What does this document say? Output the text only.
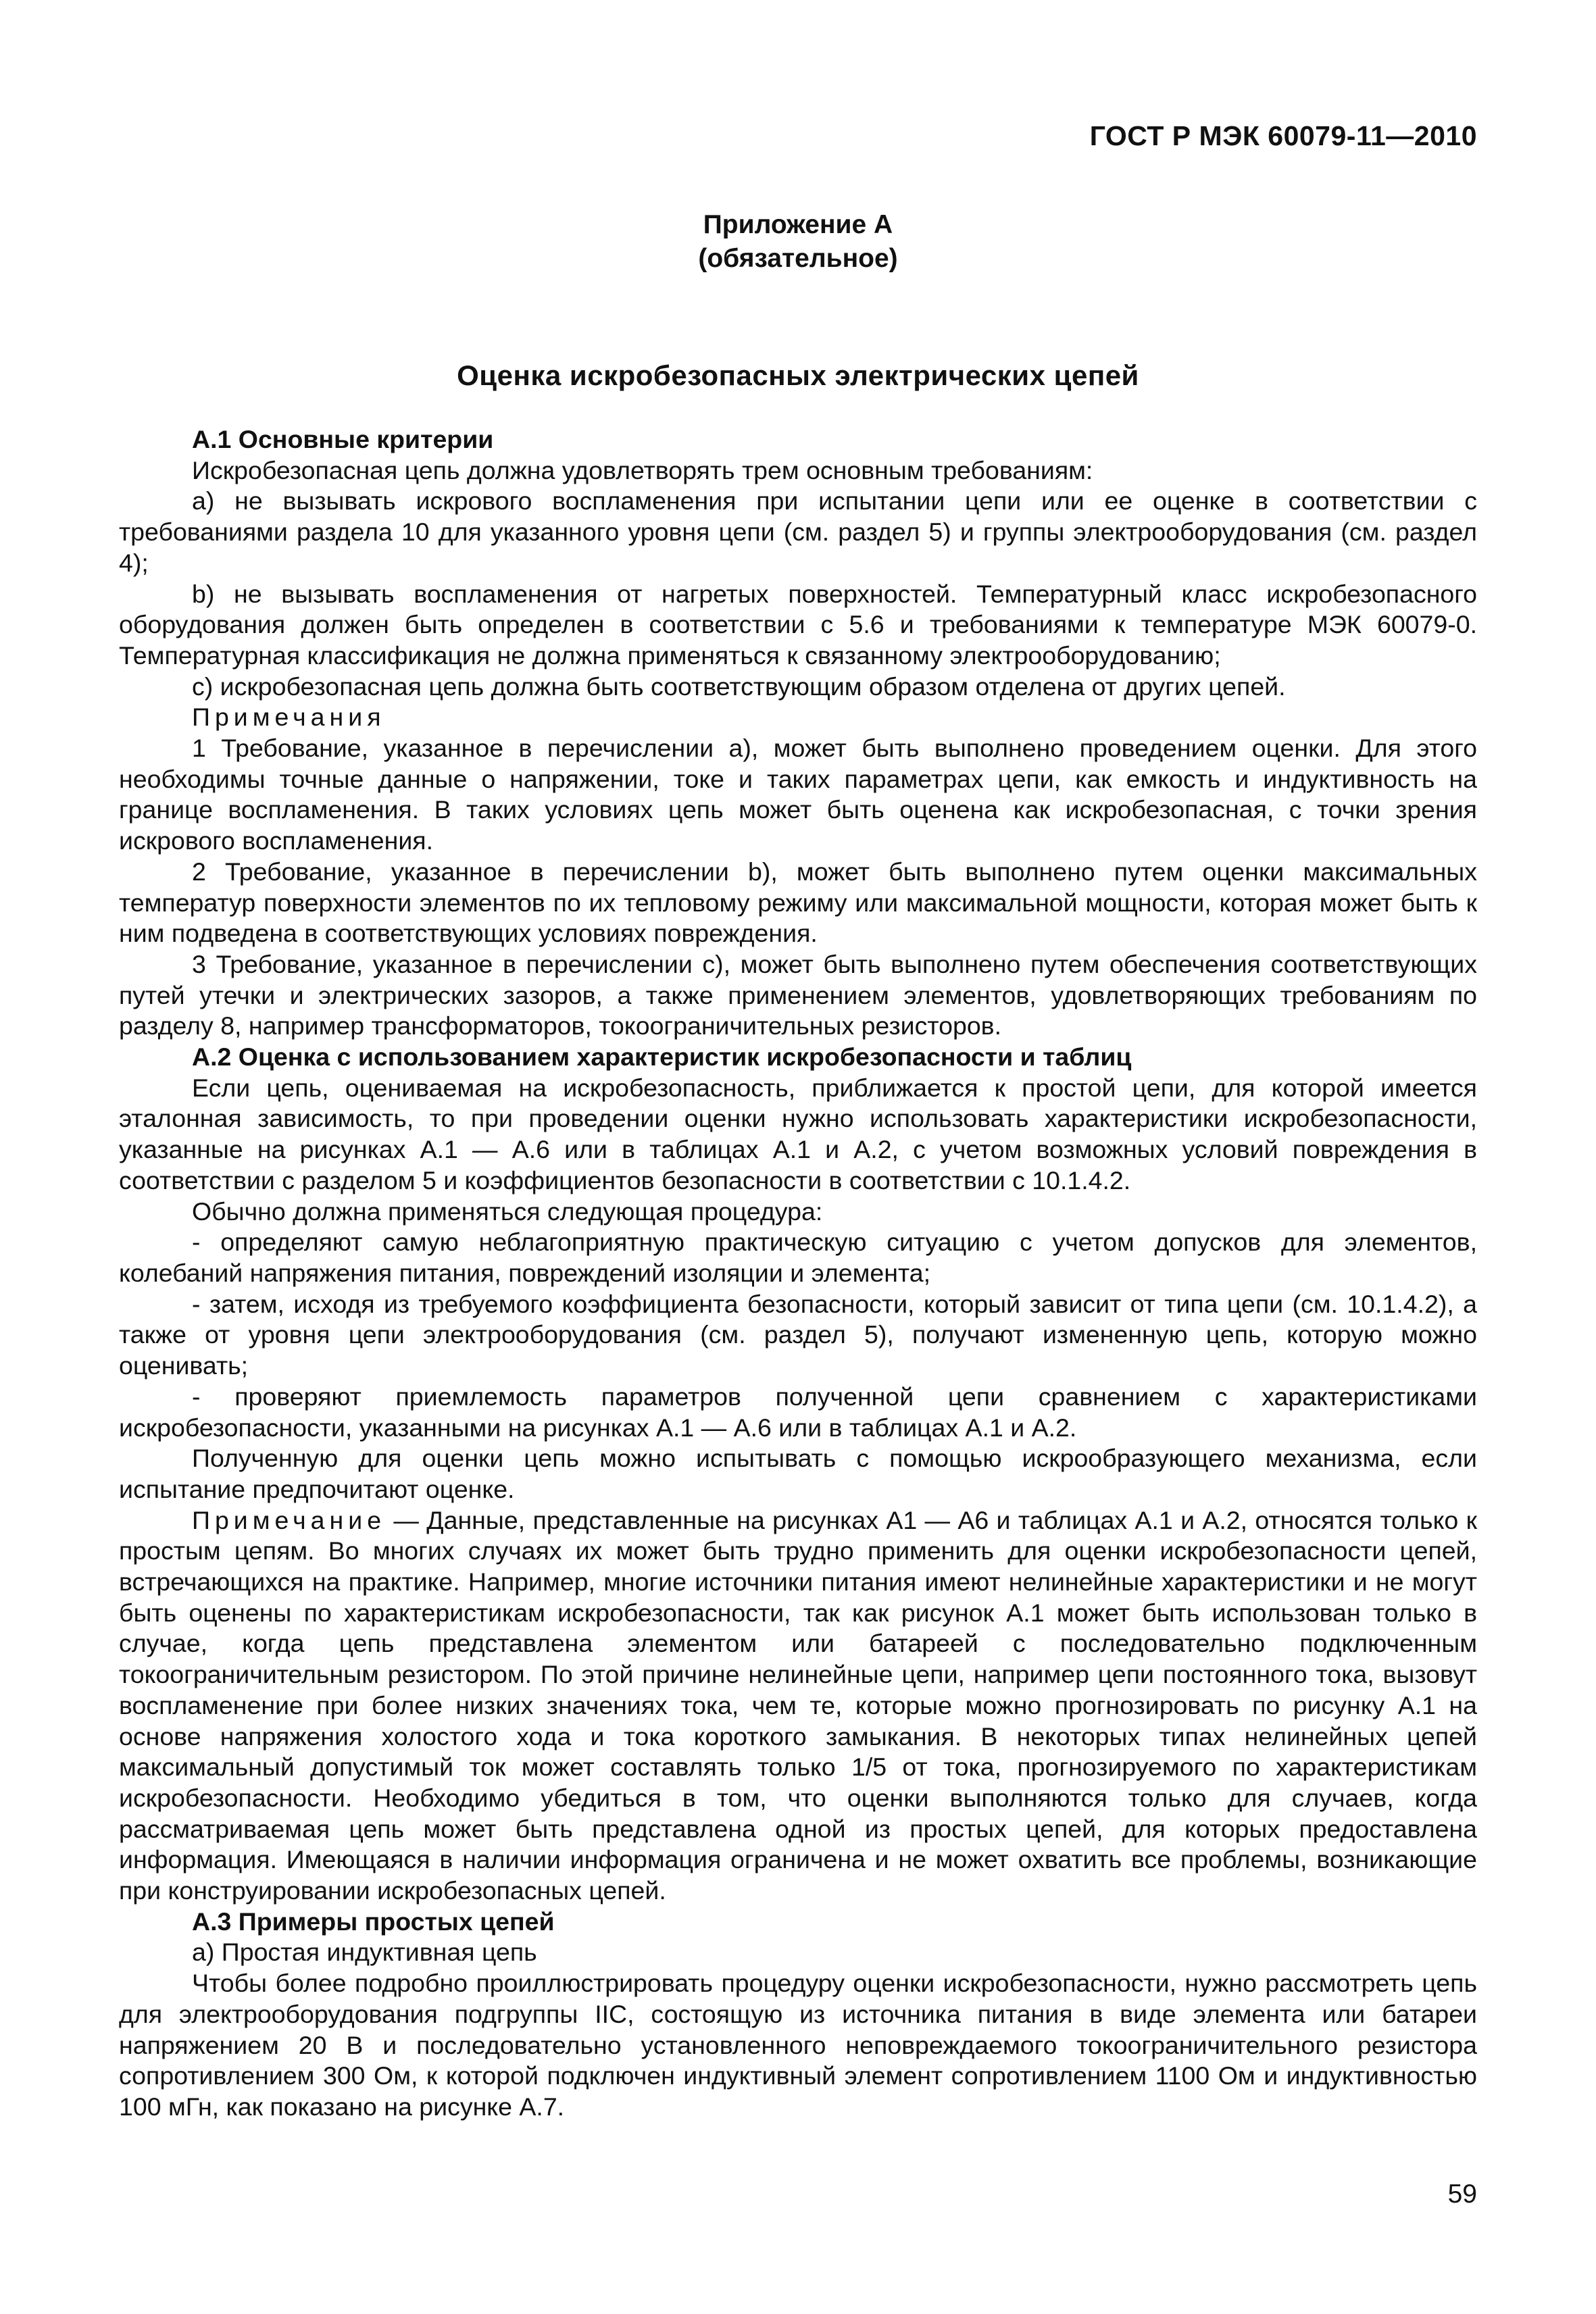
ГОСТ Р МЭК 60079-11—2010
Приложение А
(обязательное)
Оценка искробезопасных электрических цепей

А.1 Основные критерии

Искробезопасная цепь должна удовлетворять трем основным требованиям:

а) не вызывать искрового воспламенения при испытании цепи или ее оценке в соответствии с требованиями раздела 10 для указанного уровня цепи (см. раздел 5) и группы электрооборудования (см. раздел 4);

b) не вызывать воспламенения от нагретых поверхностей. Температурный класс искробезопасного оборудования должен быть определен в соответствии с 5.6 и требованиями к температуре МЭК 60079-0. Температурная классификация не должна применяться к связанному электрооборудованию;

с) искробезопасная цепь должна быть соответствующим образом отделена от других цепей.

Примечания

1 Требование, указанное в перечислении а), может быть выполнено проведением оценки. Для этого необходимы точные данные о напряжении, токе и таких параметрах цепи, как емкость и индуктивность на границе воспламенения. В таких условиях цепь может быть оценена как искробезопасная, с точки зрения искрового воспламенения.

2 Требование, указанное в перечислении b), может быть выполнено путем оценки максимальных температур поверхности элементов по их тепловому режиму или максимальной мощности, которая может быть к ним подведена в соответствующих условиях повреждения.

3 Требование, указанное в перечислении с), может быть выполнено путем обеспечения соответствующих путей утечки и электрических зазоров, а также применением элементов, удовлетворяющих требованиям по разделу 8, например трансформаторов, токоограничительных резисторов.

А.2 Оценка с использованием характеристик искробезопасности и таблиц

Если цепь, оцениваемая на искробезопасность, приближается к простой цепи, для которой имеется эталонная зависимость, то при проведении оценки нужно использовать характеристики искробезопасности, указанные на рисунках А.1 — А.6 или в таблицах А.1 и А.2, с учетом возможных условий повреждения в соответствии с разделом 5 и коэффициентов безопасности в соответствии с 10.1.4.2.

Обычно должна применяться следующая процедура:

- определяют самую неблагоприятную практическую ситуацию с учетом допусков для элементов, колебаний напряжения питания, повреждений изоляции и элемента;

- затем, исходя из требуемого коэффициента безопасности, который зависит от типа цепи (см. 10.1.4.2), а также от уровня цепи электрооборудования (см. раздел 5), получают измененную цепь, которую можно оценивать;

- проверяют приемлемость параметров полученной цепи сравнением с характеристиками искробезопасности, указанными на рисунках А.1 — А.6 или в таблицах А.1 и А.2.

Полученную для оценки цепь можно испытывать с помощью искрообразующего механизма, если испытание предпочитают оценке.

Примечание — Данные, представленные на рисунках А1 — А6 и таблицах А.1 и А.2, относятся только к простым цепям. Во многих случаях их может быть трудно применить для оценки искробезопасности цепей, встречающихся на практике. Например, многие источники питания имеют нелинейные характеристики и не могут быть оценены по характеристикам искробезопасности, так как рисунок А.1 может быть использован только в случае, когда цепь представлена элементом или батареей с последовательно подключенным токоограничительным резистором. По этой причине нелинейные цепи, например цепи постоянного тока, вызовут воспламенение при более низких значениях тока, чем те, которые можно прогнозировать по рисунку А.1 на основе напряжения холостого хода и тока короткого замыкания. В некоторых типах нелинейных цепей максимальный допустимый ток может составлять только 1/5 от тока, прогнозируемого по характеристикам искробезопасности. Необходимо убедиться в том, что оценки выполняются только для случаев, когда рассматриваемая цепь может быть представлена одной из простых цепей, для которых предоставлена информация. Имеющаяся в наличии информация ограничена и не может охватить все проблемы, возникающие при конструировании искробезопасных цепей.

А.3 Примеры простых цепей

а) Простая индуктивная цепь

Чтобы более подробно проиллюстрировать процедуру оценки искробезопасности, нужно рассмотреть цепь для электрооборудования подгруппы IIC, состоящую из источника питания в виде элемента или батареи напряжением 20 В и последовательно установленного неповреждаемого токоограничительного резистора сопротивлением 300 Ом, к которой подключен индуктивный элемент сопротивлением 1100 Ом и индуктивностью 100 мГн, как показано на рисунке А.7.

59
